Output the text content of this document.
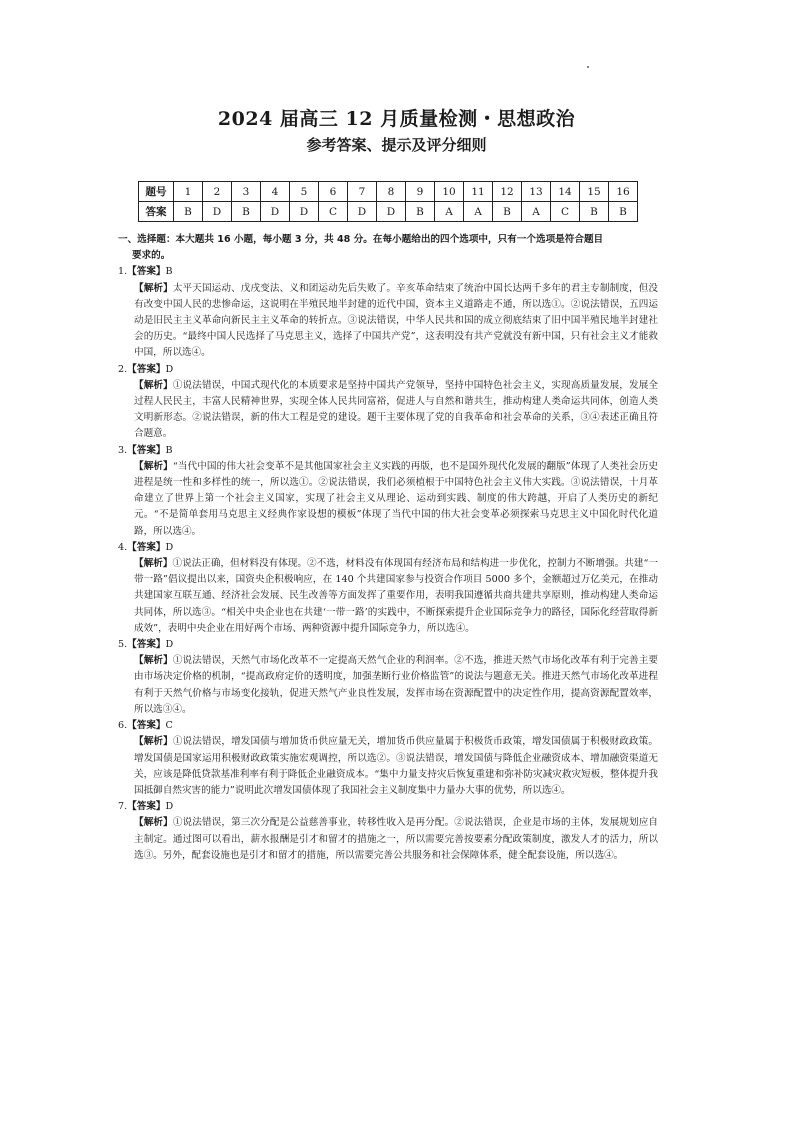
2024 届高三 12 月质量检测・思想政治
参考答案、提示及评分细则
题号	1	2	3	4	5	6	7	8	9	10	11	12	13	14	15	16
答案	B	D	B	D	D	C	D	D	B	A	A	B	A	C	B	B
一、选择题：本大题共 16 小题，每小题 3 分，共 48 分。在每小题给出的四个选项中，只有一个选项是符合题目
要求的。
1.【答案】B
【解析】太平天国运动、戊戌变法、义和团运动先后失败了。辛亥革命结束了统治中国长达两千多年的君主专制制度，但没有改变中国人民的悲惨命运，这说明在半殖民地半封建的近代中国，资本主义道路走不通，所以选①。②说法错误，五四运动是旧民主主义革命向新民主主义革命的转折点。③说法错误，中华人民共和国的成立彻底结束了旧中国半殖民地半封建社会的历史。“最终中国人民选择了马克思主义，选择了中国共产党”，这表明没有共产党就没有新中国，只有社会主义才能救中国，所以选④。
2.【答案】D
【解析】①说法错误，中国式现代化的本质要求是坚持中国共产党领导，坚持中国特色社会主义，实现高质量发展，发展全过程人民民主，丰富人民精神世界，实现全体人民共同富裕，促进人与自然和谐共生，推动构建人类命运共同体，创造人类文明新形态。②说法错误，新的伟大工程是党的建设。题干主要体现了党的自我革命和社会革命的关系，③④表述正确且符合题意。
3.【答案】B
【解析】“当代中国的伟大社会变革不是其他国家社会主义实践的再版，也不是国外现代化发展的翻版”体现了人类社会历史进程是统一性和多样性的统一，所以选①。②说法错误，我们必须植根于中国特色社会主义伟大实践。③说法错误，十月革命建立了世界上第一个社会主义国家，实现了社会主义从理论、运动到实践、制度的伟大跨越，开启了人类历史的新纪元。“不是简单套用马克思主义经典作家设想的模板”体现了当代中国的伟大社会变革必须探索马克思主义中国化时代化道路，所以选④。
4.【答案】D
【解析】①说法正确，但材料没有体现。②不选，材料没有体现国有经济布局和结构进一步优化，控制力不断增强。共建“一带一路”倡议提出以来，国资央企积极响应，在 140 个共建国家参与投资合作项目 5000 多个，金额超过万亿美元，在推动共建国家互联互通、经济社会发展、民生改善等方面发挥了重要作用，表明我国遵循共商共建共享原则，推动构建人类命运共同体，所以选③。“相关中央企业也在共建‘一带一路’的实践中，不断探索提升企业国际竞争力的路径，国际化经营取得新成效”，表明中央企业在用好两个市场、两种资源中提升国际竞争力，所以选④。
5.【答案】D
【解析】①说法错误，天然气市场化改革不一定提高天然气企业的利润率。②不选，推进天然气市场化改革有利于完善主要由市场决定价格的机制，“提高政府定价的透明度，加强垄断行业价格监管”的说法与题意无关。推进天然气市场化改革进程有利于天然气价格与市场变化接轨，促进天然气产业良性发展，发挥市场在资源配置中的决定性作用，提高资源配置效率，所以选③④。
6.【答案】C
【解析】①说法错误，增发国债与增加货币供应量无关，增加货币供应量属于积极货币政策，增发国债属于积极财政政策。增发国债是国家运用积极财政政策实施宏观调控，所以选②。③说法错误，增发国债与降低企业融资成本、增加融资渠道无关，应该是降低贷款基准利率有利于降低企业融资成本。“集中力量支持灾后恢复重建和弥补防灾减灾救灾短板，整体提升我国抵御自然灾害的能力”说明此次增发国债体现了我国社会主义制度集中力量办大事的优势，所以选④。
7.【答案】D
【解析】①说法错误，第三次分配是公益慈善事业，转移性收入是再分配。②说法错误，企业是市场的主体，发展规划应自主制定。通过图可以看出，薪水报酬是引才和留才的措施之一，所以需要完善按要素分配政策制度，激发人才的活力，所以选③。另外，配套设施也是引才和留才的措施，所以需要完善公共服务和社会保障体系，健全配套设施，所以选④。
